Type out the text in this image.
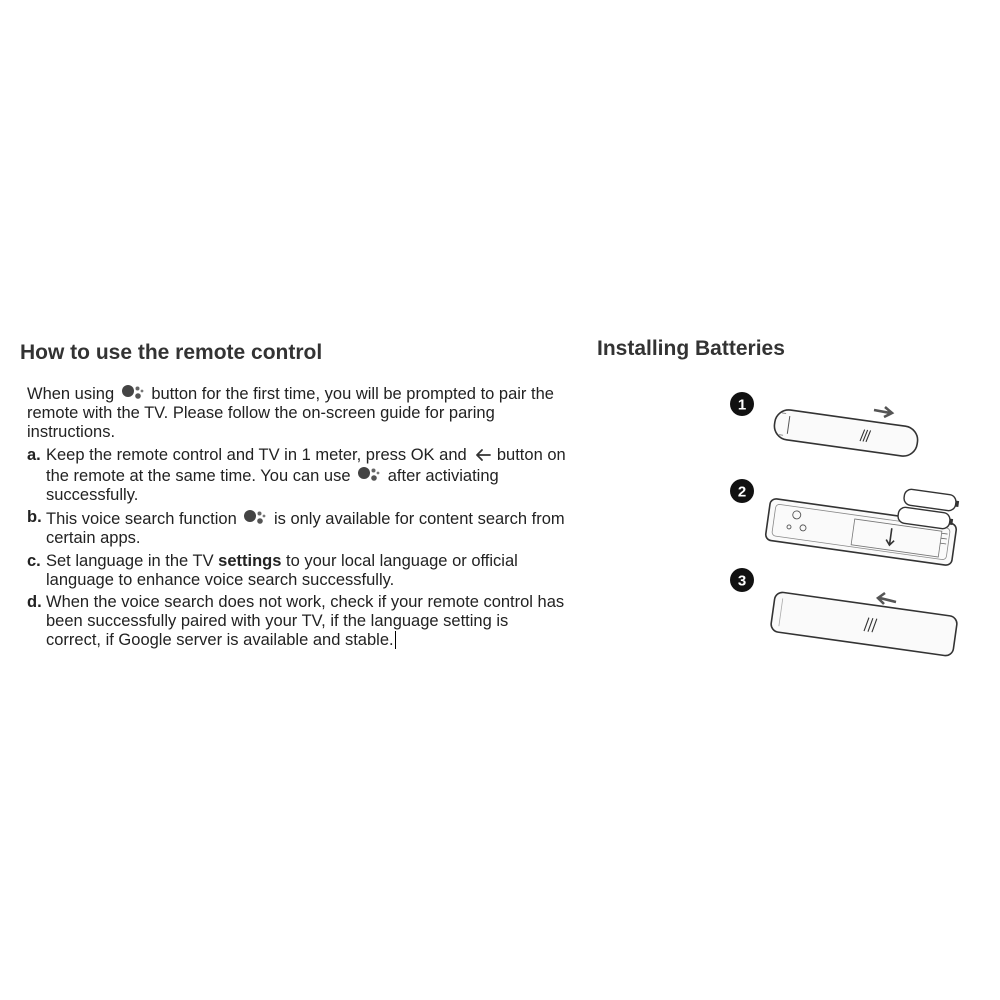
How to use the remote control	Installing Batteries

When using button for the first time, you will be prompted to pair the remote with the TV. Please follow the on-screen guide for paring instructions.

a. Keep the remote control and TV in 1 meter, press OK and button on the remote at the same time. You can use after activiating successfully.

b. This voice search function is only available for content search from certain apps.

c. Set language in the TV settings to your local language or official language to enhance voice search successfully.

d. When the voice search does not work, check if your remote control has been successfully paired with your TV, if the language setting is correct, if Google server is available and stable.

1
2
3
